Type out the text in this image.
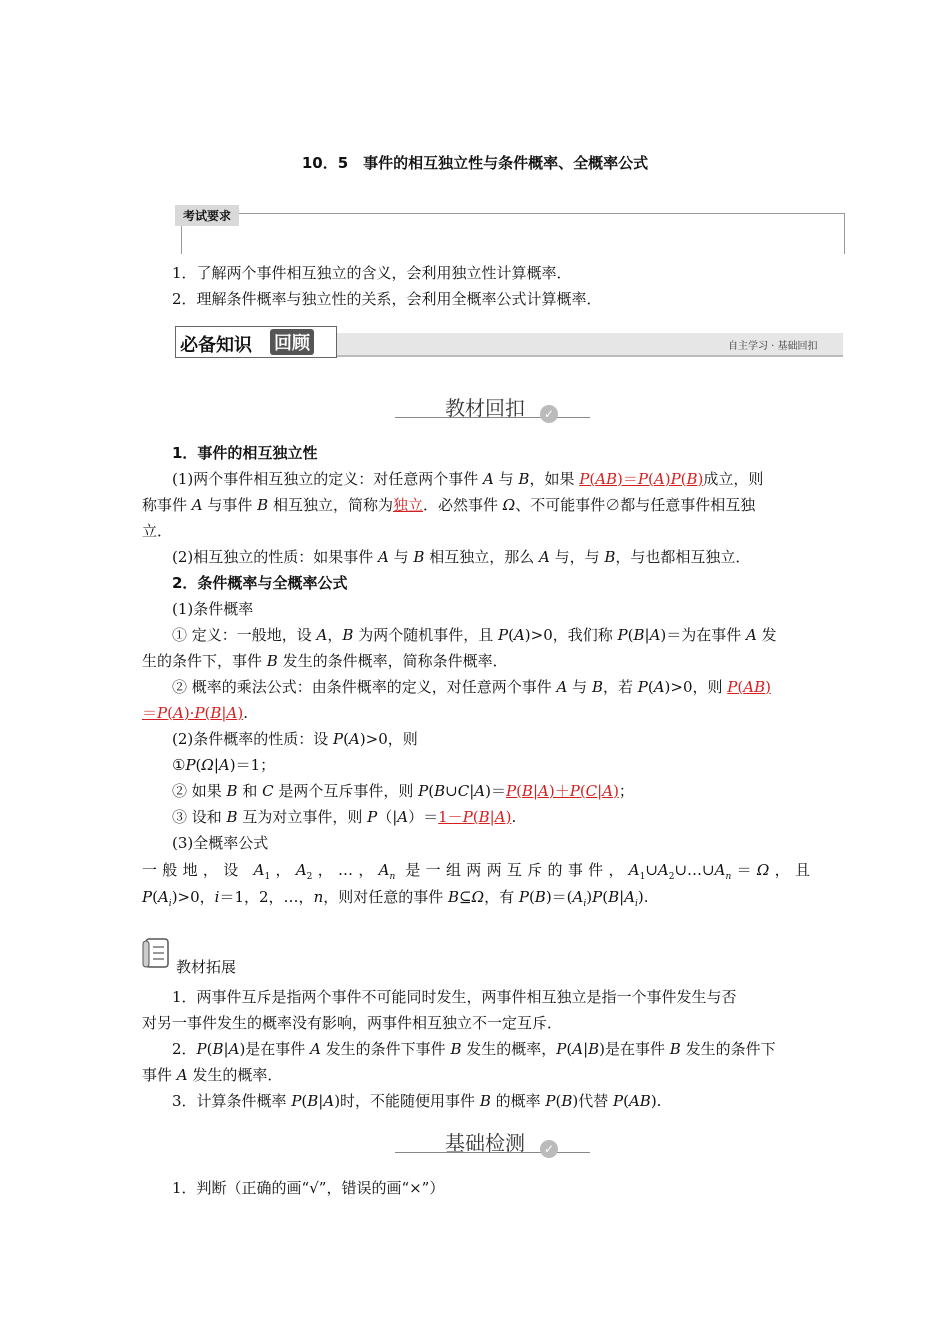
10．5　事件的相互独立性与条件概率、全概率公式
考试要求
1．了解两个事件相互独立的含义，会利用独立性计算概率．
2．理解条件概率与独立性的关系，会利用全概率公式计算概率．
必备知识 回顾	自主学习 · 基础回扣
教材回扣	✓
1．事件的相互独立性
(1)两个事件相互独立的定义：对任意两个事件 A 与 B，如果 P(AB)＝P(A)P(B)成立，则
称事件 A 与事件 B 相互独立，简称为独立．必然事件 Ω、不可能事件∅都与任意事件相互独
立．
(2)相互独立的性质：如果事件 A 与 B 相互独立，那么 A 与，与 B，与也都相互独立．
2．条件概率与全概率公式
(1)条件概率
① 定义：一般地，设 A，B 为两个随机事件，且 P(A)>0，我们称 P(B|A)＝为在事件 A 发
生的条件下，事件 B 发生的条件概率，简称条件概率．
② 概率的乘法公式：由条件概率的定义，对任意两个事件 A 与 B，若 P(A)>0，则 P(AB)
＝P(A)·P(B|A).
(2)条件概率的性质：设 P(A)>0，则
①P(Ω|A)＝1；
② 如果 B 和 C 是两个互斥事件，则 P(B∪C|A)＝P(B|A)＋P(C|A)；
③ 设和 B 互为对立事件，则 P（|A）＝1－P(B|A).
(3)全概率公式
一般地，设 $A_1$，$A_2$，…，$A_n$ 是一组两两互斥的事件，$A_1\cup A_2\cup\dots\cup A_n=\Omega$，且
$P(A_i)>0$，i＝1，2，…，n，则对任意的事件 B⊆Ω，有 $P(B)=(A_i)P(B|A_i)$.
教材拓展
1．两事件互斥是指两个事件不可能同时发生，两事件相互独立是指一个事件发生与否
对另一事件发生的概率没有影响，两事件相互独立不一定互斥．
2．P(B|A)是在事件 A 发生的条件下事件 B 发生的概率，P(A|B)是在事件 B 发生的条件下
事件 A 发生的概率．
3．计算条件概率 P(B|A)时，不能随便用事件 B 的概率 P(B)代替 P(AB).
基础检测	✓
1．判断（正确的画“√”，错误的画“×”）
